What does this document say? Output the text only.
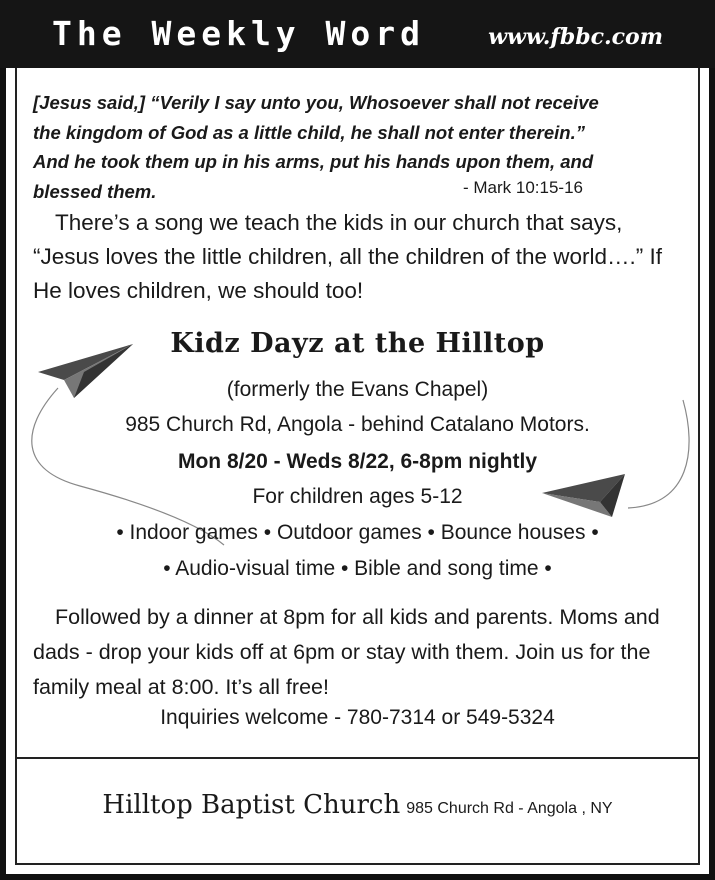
The Weekly Word	www.fbbc.com
[Jesus said,] “Verily I say unto you, Whosoever shall not receive
the kingdom of God as a little child, he shall not enter therein.”
And he took them up in his arms, put his hands upon them, and
blessed them.	- Mark 10:15-16
There’s a song we teach the kids in our church that says, “Jesus loves the little children, all the children of the world….” If He loves children, we should too!
Kidz Dayz at the Hilltop
(formerly the Evans Chapel)
985 Church Rd, Angola - behind Catalano Motors.
Mon 8/20 - Weds 8/22, 6-8pm nightly
For children ages 5-12
• Indoor games • Outdoor games • Bounce houses •
• Audio-visual time • Bible and song time •
Followed by a dinner at 8pm for all kids and parents. Moms and dads - drop your kids off at 6pm or stay with them. Join us for the family meal at 8:00. It’s all free!
Inquiries welcome - 780-7314 or 549-5324
Hilltop Baptist Church 985 Church Rd - Angola , NY
